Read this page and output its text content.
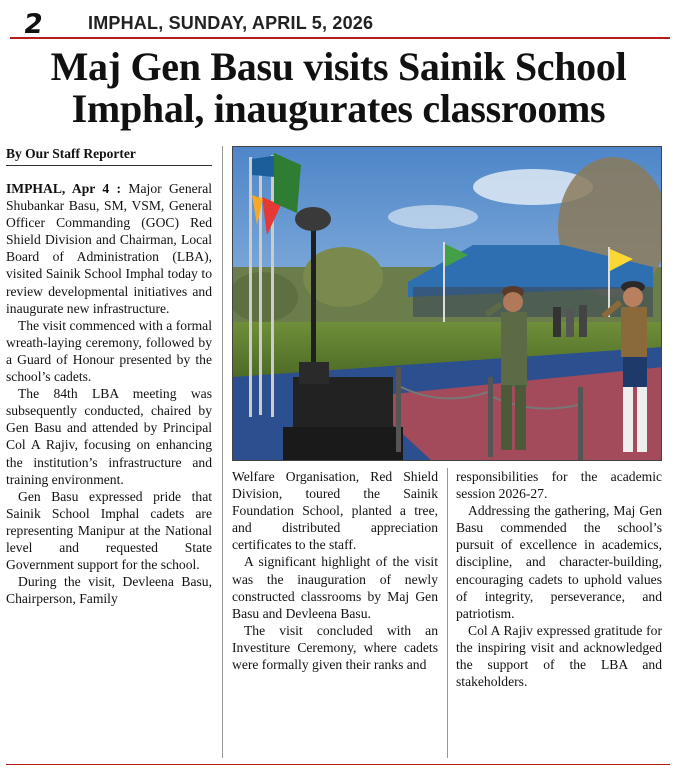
2 IMPHAL, SUNDAY, APRIL 5, 2026
Maj Gen Basu visits Sainik School
Imphal, inaugurates classrooms
By Our Staff Reporter

IMPHAL, Apr 4 : Major General Shubankar Basu, SM, VSM, General Officer Commanding (GOC) Red Shield Division and Chairman, Local Board of Administration (LBA), visited Sainik School Imphal today to review developmental initiatives and inaugurate new infrastructure.

The visit commenced with a formal wreath-laying ceremony, followed by a Guard of Honour presented by the school’s cadets.

The 84th LBA meeting was subsequently conducted, chaired by Gen Basu and attended by Principal Col A Rajiv, focusing on enhancing the institution’s infrastructure and training environment.

Gen Basu expressed pride that Sainik School Imphal cadets are representing Manipur at the National level and requested State Government support for the school.

During the visit, Devleena Basu, Chairperson, Family

Welfare Organisation, Red Shield Division, toured the Sainik Foundation School, planted a tree, and distributed appreciation certificates to the staff.

A significant highlight of the visit was the inauguration of newly constructed classrooms by Maj Gen Basu and Devleena Basu.

The visit concluded with an Investiture Ceremony, where cadets were formally given their ranks and

responsibilities for the academic session 2026-27.

Addressing the gathering, Maj Gen Basu commended the school’s pursuit of excellence in academics, discipline, and character-building, encouraging cadets to uphold values of integrity, perseverance, and patriotism.

Col A Rajiv expressed gratitude for the inspiring visit and acknowledged the support of the LBA and stakeholders.
